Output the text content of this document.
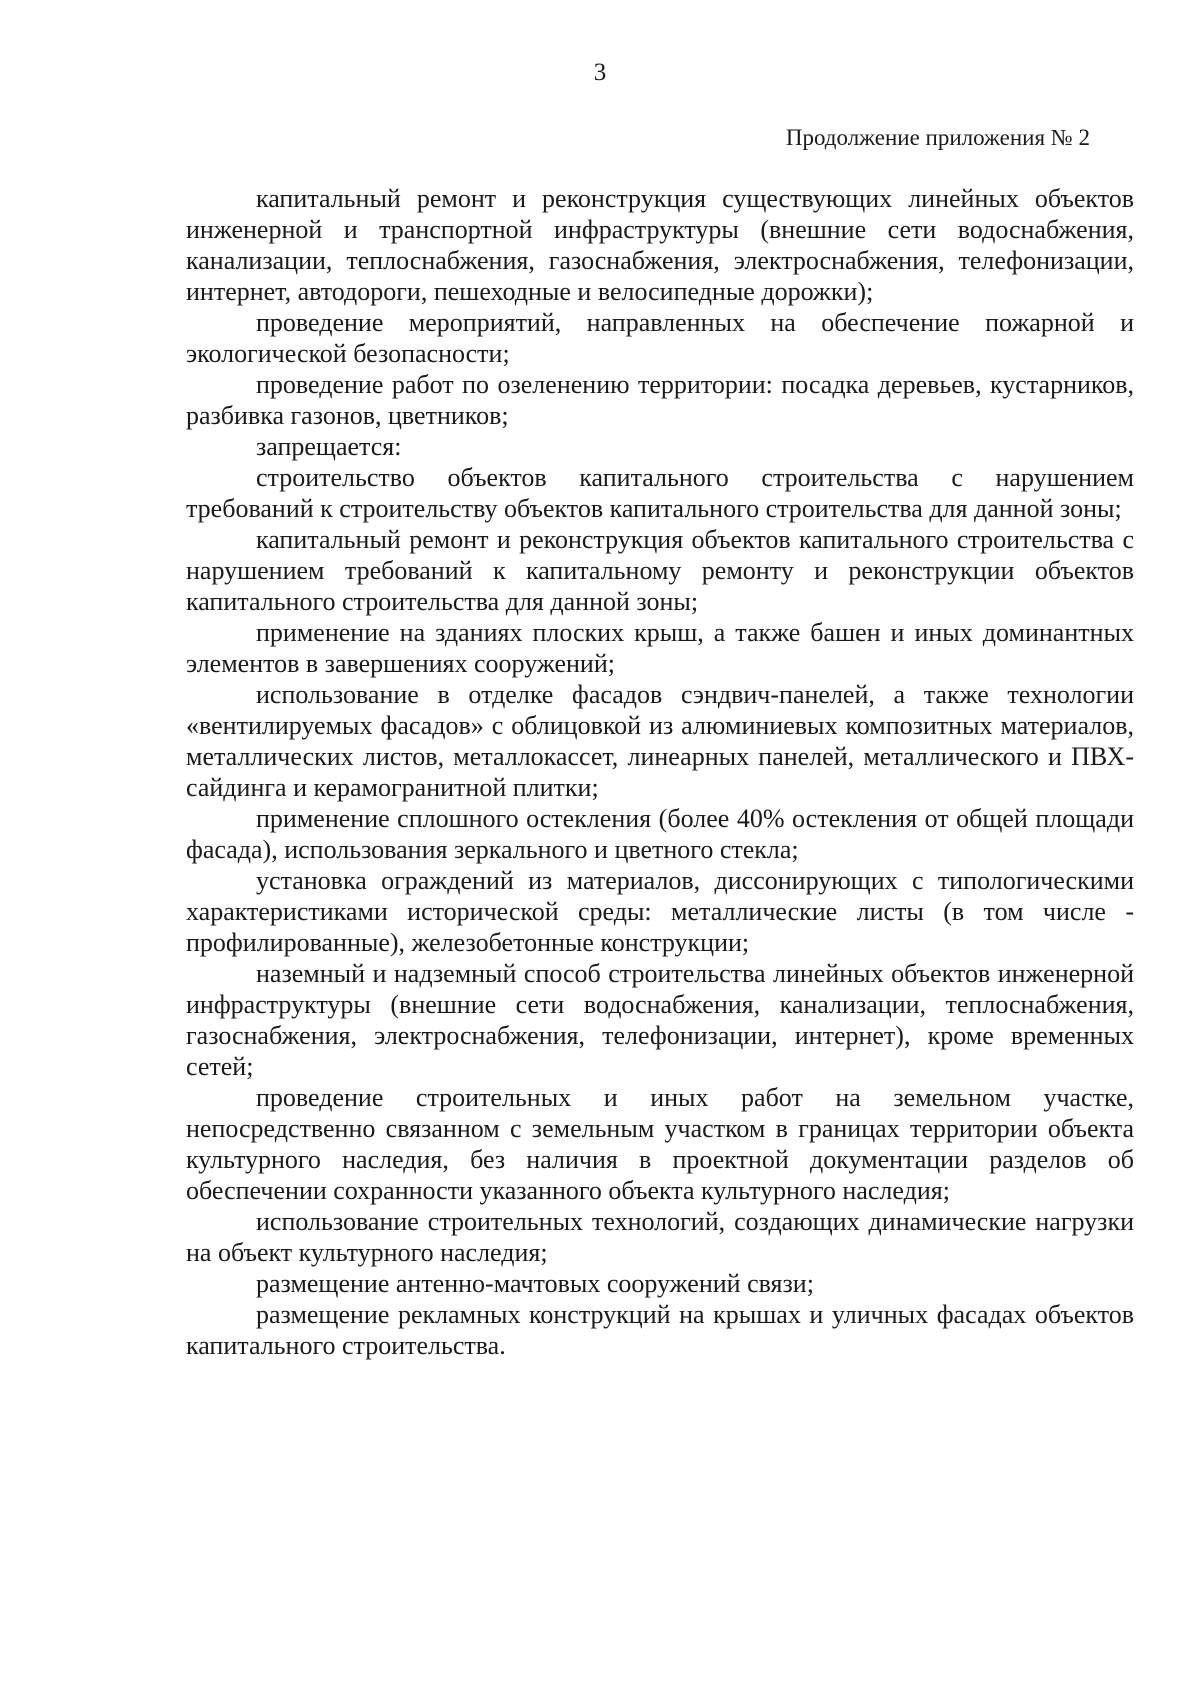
3
Продолжение приложения № 2

капитальный ремонт и реконструкция существующих линейных объектов инженерной и транспортной инфраструктуры (внешние сети водоснабжения, канализации, теплоснабжения, газоснабжения, электроснабжения, телефонизации, интернет, автодороги, пешеходные и велосипедные дорожки);

проведение мероприятий, направленных на обеспечение пожарной и экологической безопасности;

проведение работ по озеленению территории: посадка деревьев, кустарников, разбивка газонов, цветников;

запрещается:

строительство объектов капитального строительства с нарушением требований к строительству объектов капитального строительства для данной зоны;

капитальный ремонт и реконструкция объектов капитального строительства с нарушением требований к капитальному ремонту и реконструкции объектов капитального строительства для данной зоны;

применение на зданиях плоских крыш, а также башен и иных доминантных элементов в завершениях сооружений;

использование в отделке фасадов сэндвич-панелей, а также технологии «вентилируемых фасадов» с облицовкой из алюминиевых композитных материалов, металлических листов, металлокассет, линеарных панелей, металлического и ПВХ-сайдинга и керамогранитной плитки;

применение сплошного остекления (более 40% остекления от общей площади фасада), использования зеркального и цветного стекла;

установка ограждений из материалов, диссонирующих с типологическими характеристиками исторической среды: металлические листы (в том числе - профилированные), железобетонные конструкции;

наземный и надземный способ строительства линейных объектов инженерной инфраструктуры (внешние сети водоснабжения, канализации, теплоснабжения, газоснабжения, электроснабжения, телефонизации, интернет), кроме временных сетей;

проведение строительных и иных работ на земельном участке, непосредственно связанном с земельным участком в границах территории объекта культурного наследия, без наличия в проектной документации разделов об обеспечении сохранности указанного объекта культурного наследия;

использование строительных технологий, создающих динамические нагрузки на объект культурного наследия;

размещение антенно-мачтовых сооружений связи;

размещение рекламных конструкций на крышах и уличных фасадах объектов капитального строительства.
